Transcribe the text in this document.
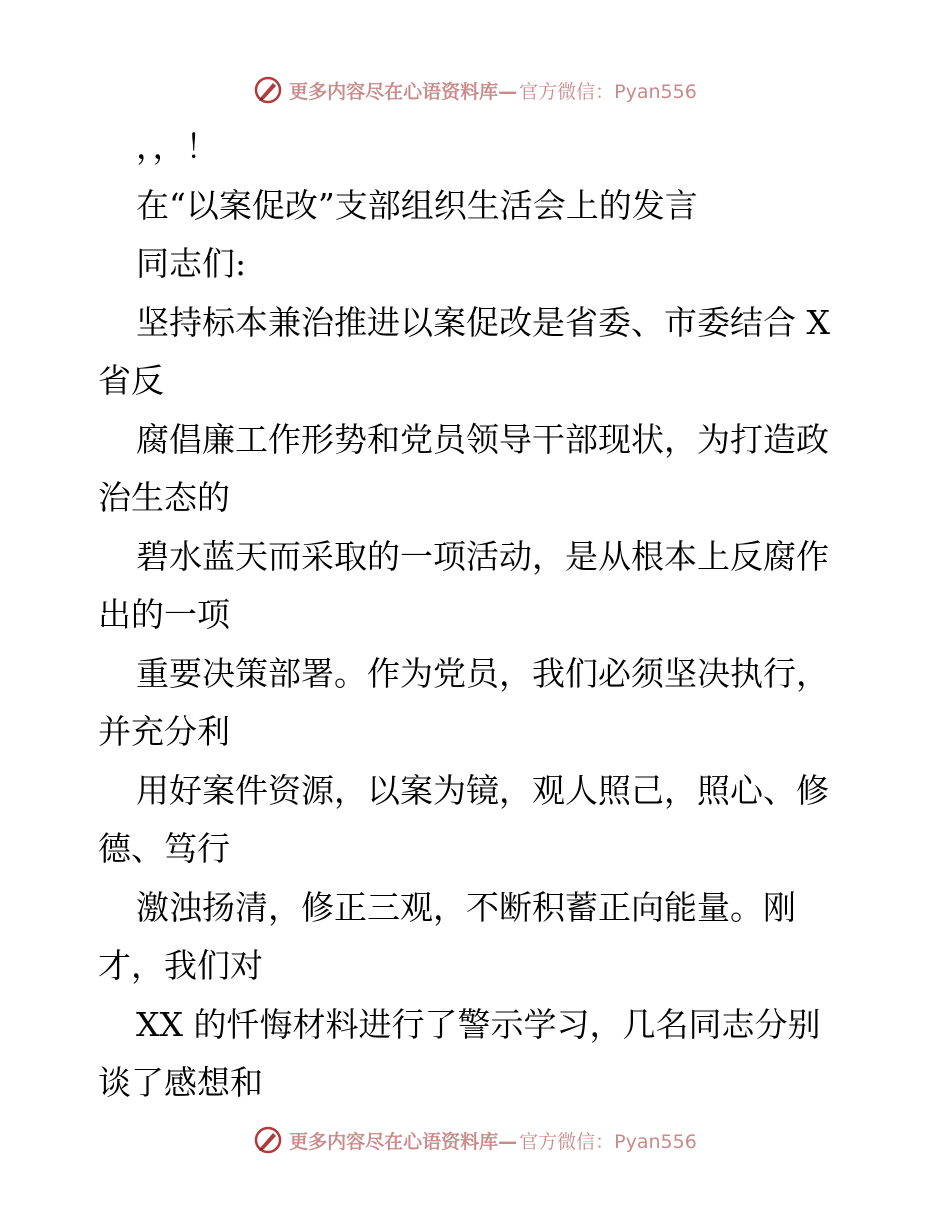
更多内容尽在心语资料库— 官方微信：Pyan556
，，！
在“以案促改”支部组织生活会上的发言
同志们:
坚持标本兼治推进以案促改是省委、市委结合 X
省反
腐倡廉工作形势和党员领导干部现状，为打造政
治生态的
碧水蓝天而采取的一项活动，是从根本上反腐作
出的一项
重要决策部署。作为党员，我们必须坚决执行，
并充分利
用好案件资源，以案为镜，观人照己，照心、修
德、笃行
激浊扬清，修正三观，不断积蓄正向能量。刚
才，我们对
XX 的忏悔材料进行了警示学习，几名同志分别
谈了感想和
更多内容尽在心语资料库— 官方微信：Pyan556
